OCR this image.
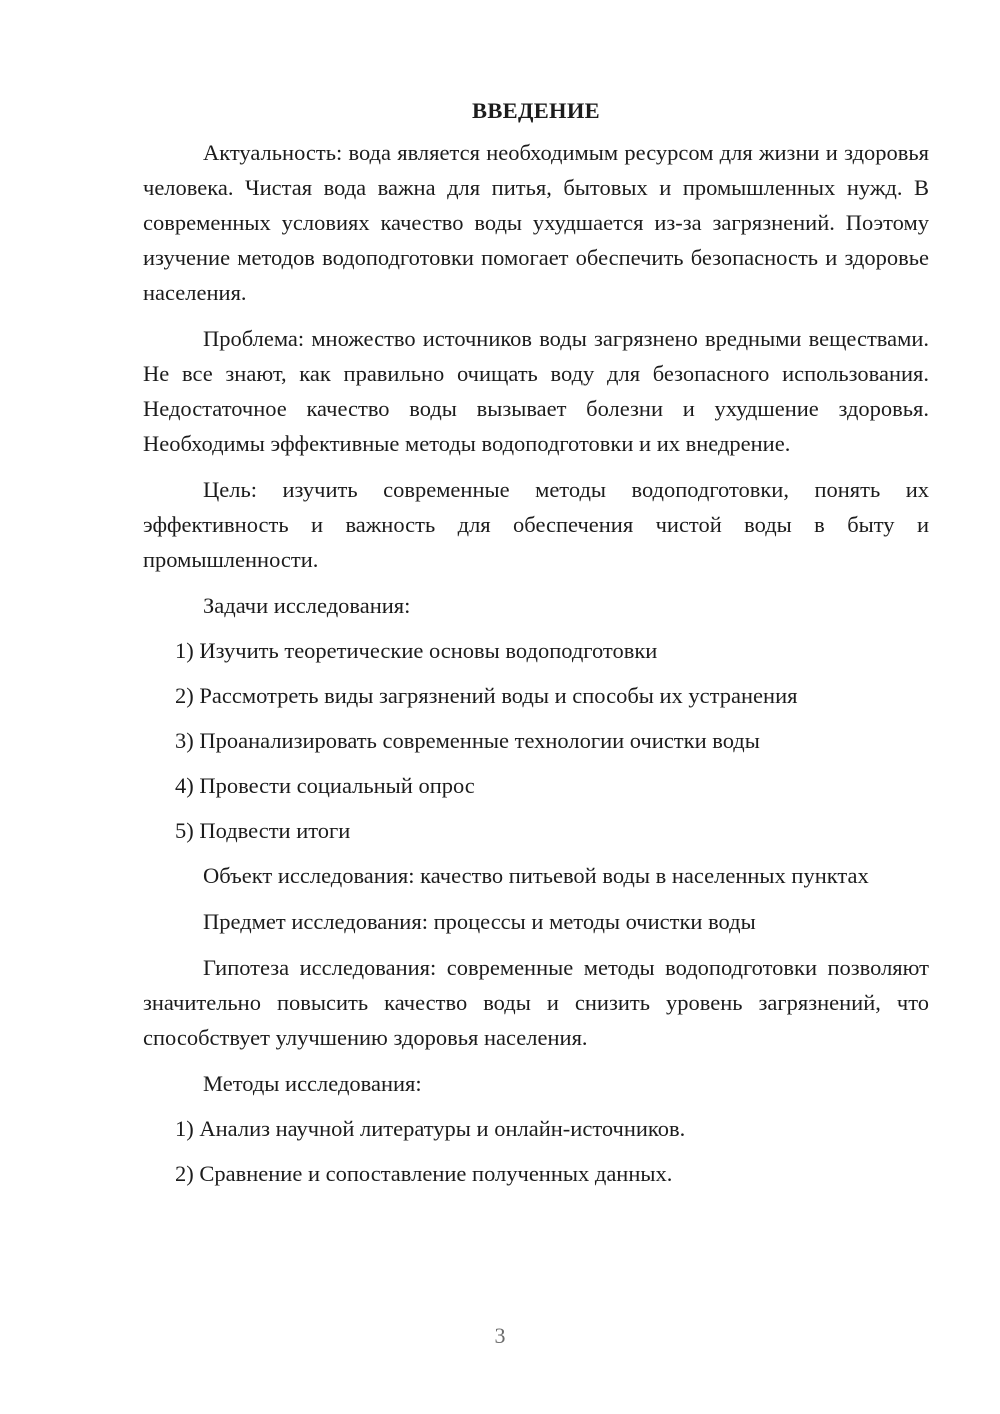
ВВЕДЕНИЕ

Актуальность: вода является необходимым ресурсом для жизни и здоровья человека. Чистая вода важна для питья, бытовых и промышленных нужд. В современных условиях качество воды ухудшается из-за загрязнений. Поэтому изучение методов водоподготовки помогает обеспечить безопасность и здоровье населения.

Проблема: множество источников воды загрязнено вредными веществами. Не все знают, как правильно очищать воду для безопасного использования. Недостаточное качество воды вызывает болезни и ухудшение здоровья. Необходимы эффективные методы водоподготовки и их внедрение.

Цель: изучить современные методы водоподготовки, понять их эффективность и важность для обеспечения чистой воды в быту и промышленности.

Задачи исследования:

1) Изучить теоретические основы водоподготовки

2) Рассмотреть виды загрязнений воды и способы их устранения

3) Проанализировать современные технологии очистки воды

4) Провести социальный опрос

5) Подвести итоги

Объект исследования: качество питьевой воды в населенных пунктах

Предмет исследования: процессы и методы очистки воды

Гипотеза исследования: современные методы водоподготовки позволяют значительно повысить качество воды и снизить уровень загрязнений, что способствует улучшению здоровья населения.

Методы исследования:

1) Анализ научной литературы и онлайн-источников.

2) Сравнение и сопоставление полученных данных.

3
